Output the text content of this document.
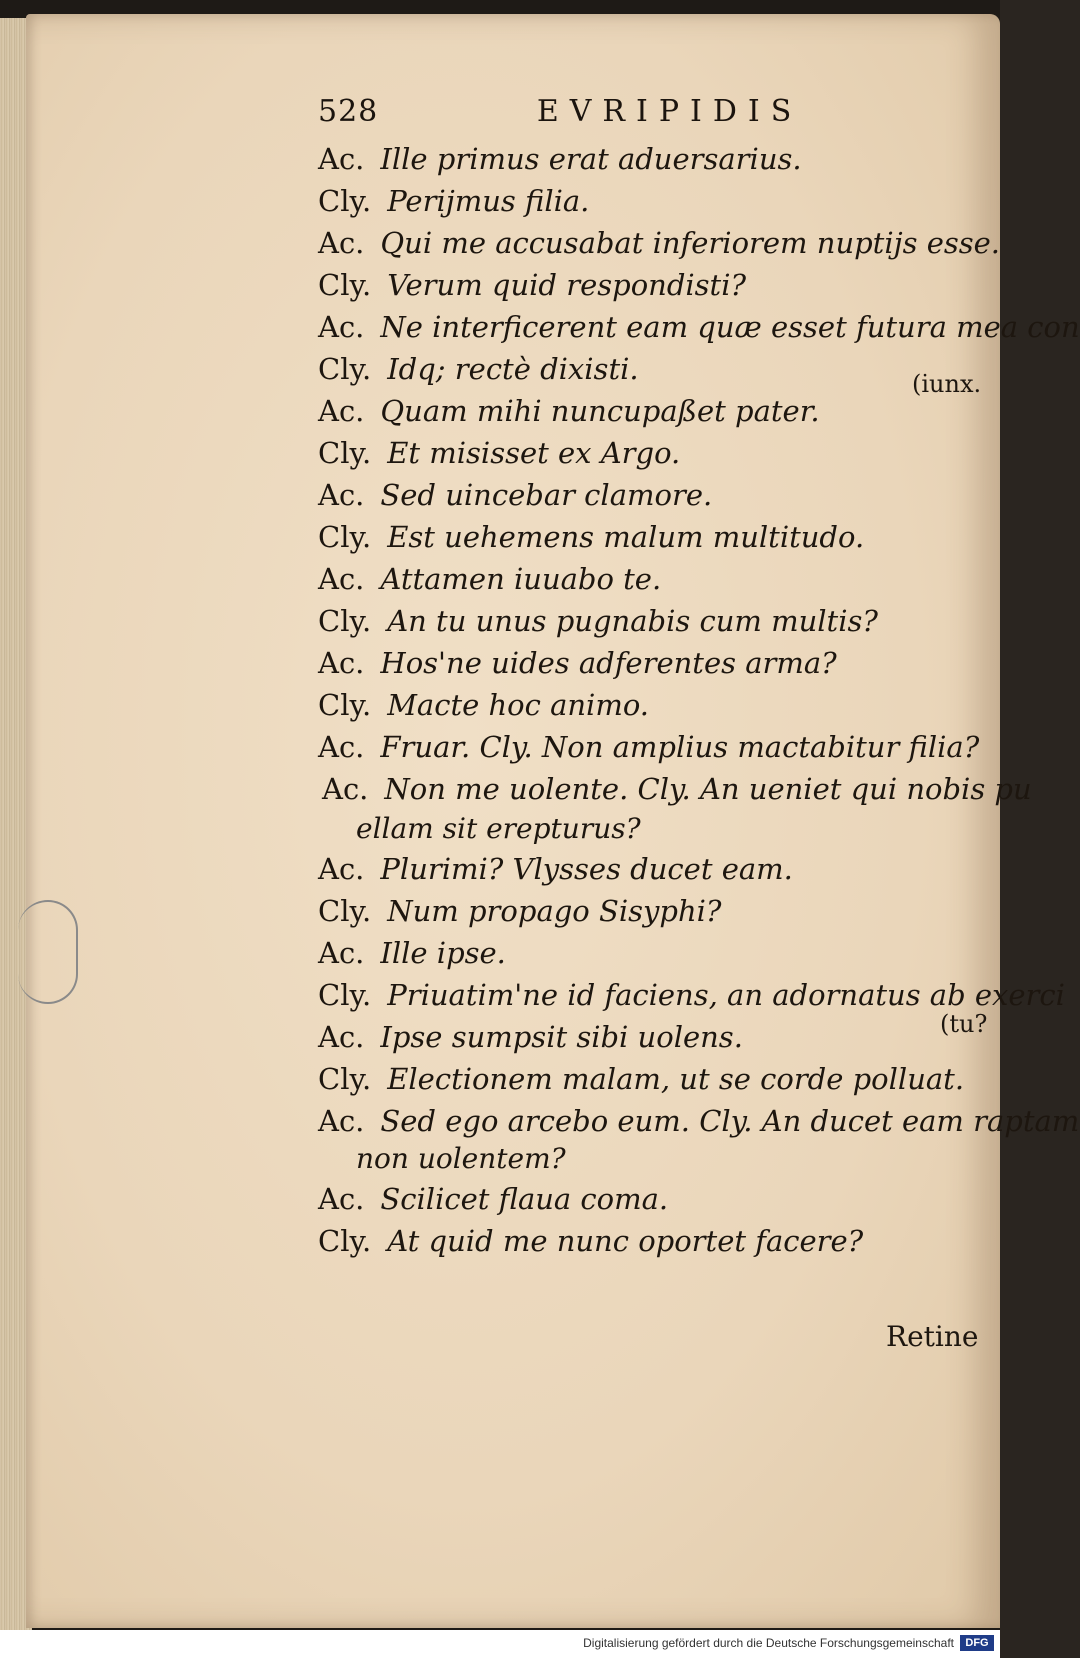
528	EVRIPIDIS
Ac. Ille primus erat aduersarius.
Cly. Perijmus filia.
Ac. Qui me accusabat inferiorem nuptijs esse.
Cly. Verum quid respondisti?
Ac. Ne interficerent eam quæ esset futura mea con
Cly. Idq; rectè dixisti.
Ac. Quam mihi nuncupaßet pater.
Cly. Et misisset ex Argo.
Ac. Sed uincebar clamore.
Cly. Est uehemens malum multitudo.
Ac. Attamen iuuabo te.
Cly. An tu unus pugnabis cum multis?
Ac. Hos'ne uides adferentes arma?
Cly. Macte hoc animo.
Ac. Fruar. Cly. Non amplius mactabitur filia?
Ac. Non me uolente. Cly. An ueniet qui nobis pu
ellam sit erepturus?
Ac. Plurimi? Vlysses ducet eam.
Cly. Num propago Sisyphi?
Ac. Ille ipse.
Cly. Priuatim'ne id faciens, an adornatus ab exerci
Ac. Ipse sumpsit sibi uolens.
Cly. Electionem malam, ut se corde polluat.
Ac. Sed ego arcebo eum. Cly. An ducet eam raptam
non uolentem?
Ac. Scilicet flaua coma.
Cly. At quid me nunc oportet facere?
(iunx.
(tu?
Retine
Digitalisierung gefördert durch die Deutsche Forschungsgemeinschaft	DFG
